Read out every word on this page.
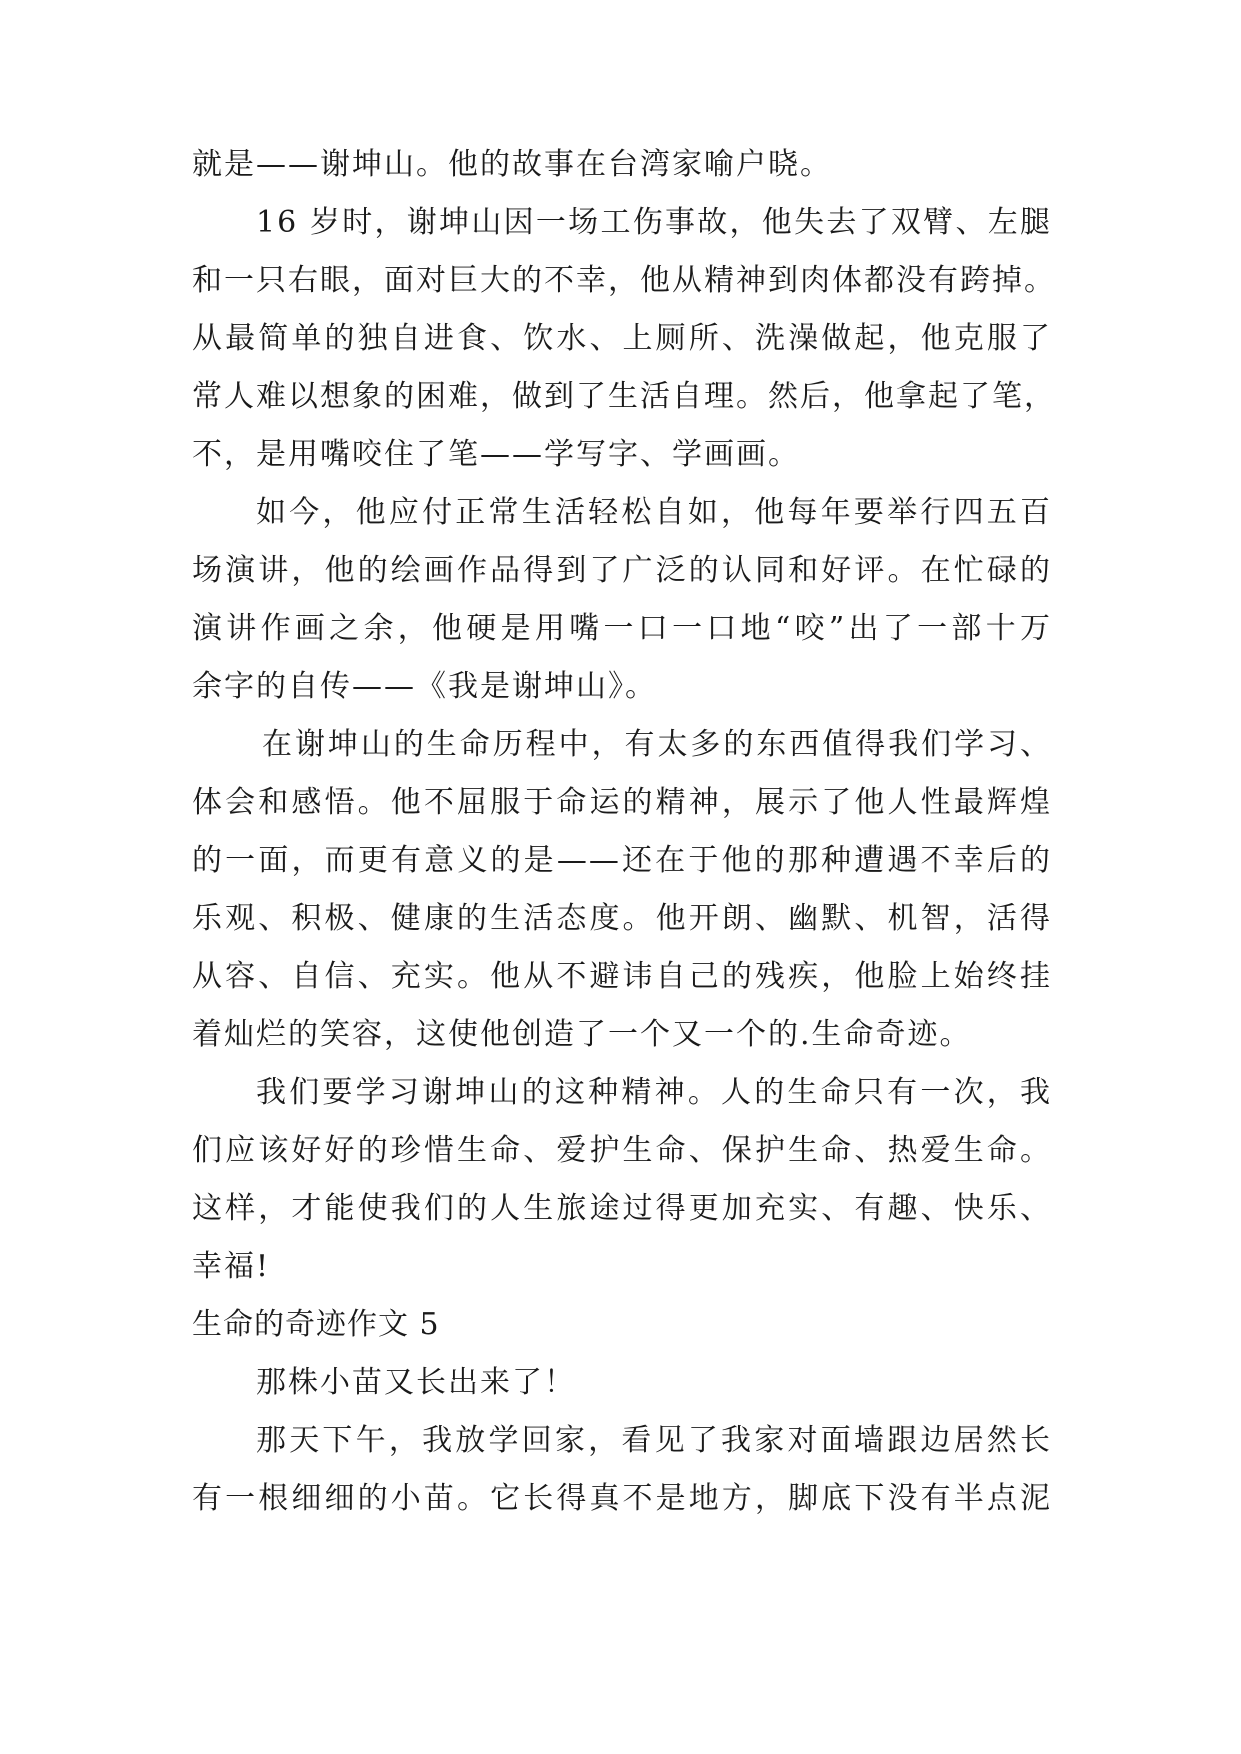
就是——谢坤山。他的故事在台湾家喻户晓。
16 岁时，谢坤山因一场工伤事故，他失去了双臂、左腿
和一只右眼，面对巨大的不幸，他从精神到肉体都没有跨掉。
从最简单的独自进食、饮水、上厕所、洗澡做起，他克服了
常人难以想象的困难，做到了生活自理。然后，他拿起了笔，
不，是用嘴咬住了笔——学写字、学画画。
如今，他应付正常生活轻松自如，他每年要举行四五百
场演讲，他的绘画作品得到了广泛的认同和好评。在忙碌的
演讲作画之余，他硬是用嘴一口一口地“咬”出了一部十万
余字的自传——《我是谢坤山》。
在谢坤山的生命历程中，有太多的东西值得我们学习、
体会和感悟。他不屈服于命运的精神，展示了他人性最辉煌
的一面，而更有意义的是——还在于他的那种遭遇不幸后的
乐观、积极、健康的生活态度。他开朗、幽默、机智，活得
从容、自信、充实。他从不避讳自己的残疾，他脸上始终挂
着灿烂的笑容，这使他创造了一个又一个的.生命奇迹。
我们要学习谢坤山的这种精神。人的生命只有一次，我
们应该好好的珍惜生命、爱护生命、保护生命、热爱生命。
这样，才能使我们的人生旅途过得更加充实、有趣、快乐、
幸福!
生命的奇迹作文 5
那株小苗又长出来了！
那天下午，我放学回家，看见了我家对面墙跟边居然长
有一根细细的小苗。它长得真不是地方，脚底下没有半点泥
